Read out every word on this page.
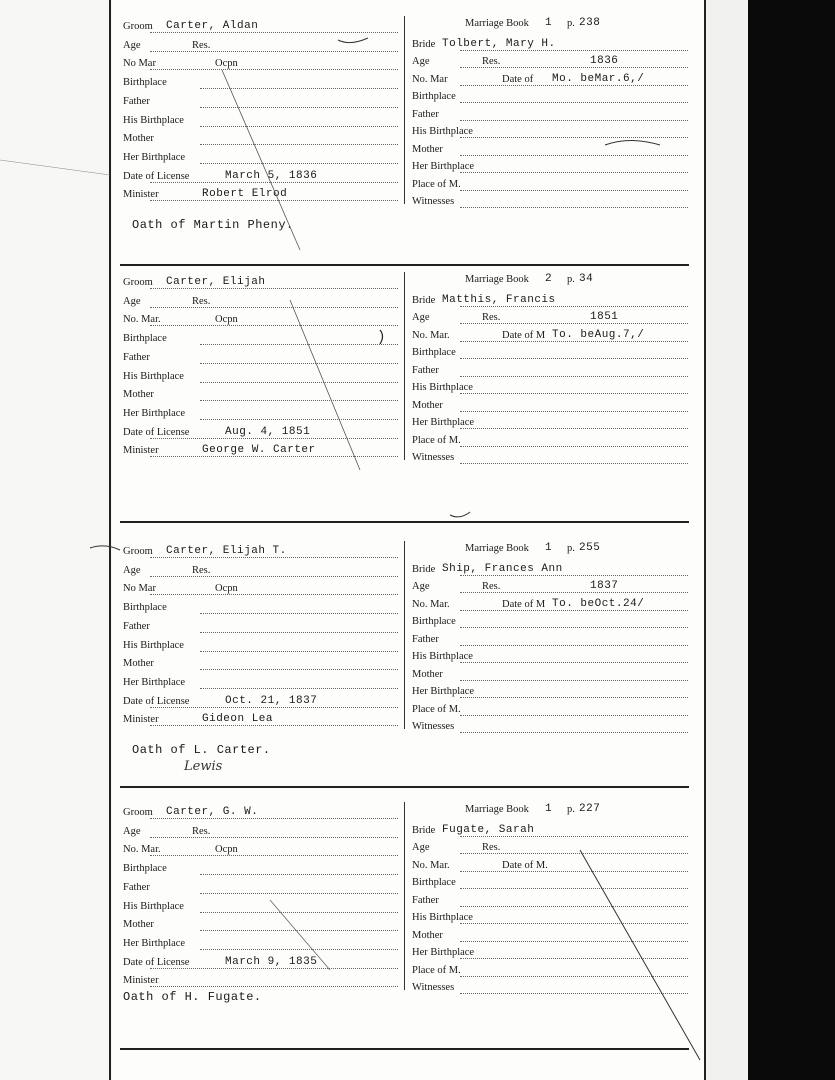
Groom Carter, Aldan
Age	Res.
No Mar	Ocpn
Birthplace
Father
His Birthplace
Mother
Her Birthplace
Date of License	March 5, 1836
Minister	Robert Elrod
Marriage Book 1 p. 238
Bride Tolbert, Mary H.
Age	Res.	1836
No. Mar	Date of Mo. beMar.6,/
Birthplace
Father
His Birthplace
Mother
Her Birthplace
Place of M.
Witnesses
Oath of Martin Pheny.
Groom Carter, Elijah
Age	Res.
No. Mar.	Ocpn
Birthplace
Father
His Birthplace
Mother
Her Birthplace
Date of License	Aug. 4, 1851
Minister	George W. Carter
Marriage Book 2 p. 34
Bride Matthis, Francis
Age	Res.	1851
No. Mar.	Date of M To. beAug.7,/
Birthplace
Father
His Birthplace
Mother
Her Birthplace
Place of M.
Witnesses
Groom Carter, Elijah T.
Age	Res.
No Mar	Ocpn
Birthplace
Father
His Birthplace
Mother
Her Birthplace
Date of License	Oct. 21, 1837
Minister	Gideon Lea
Marriage Book 1 p. 255
Bride Ship, Frances Ann
Age	Res.	1837
No. Mar.	Date of M To. beOct.24/
Birthplace
Father
His Birthplace
Mother
Her Birthplace
Place of M.
Witnesses
Oath of L. Carter.
Lewis
Groom Carter, G. W.
Age	Res.
No. Mar.	Ocpn
Birthplace
Father
His Birthplace
Mother
Her Birthplace
Date of License	March 9, 1835
Minister
Marriage Book 1 p. 227
Bride Fugate, Sarah
Age	Res.
No. Mar.	Date of M.
Birthplace
Father
His Birthplace
Mother
Her Birthplace
Place of M.
Witnesses
Oath of H. Fugate.
